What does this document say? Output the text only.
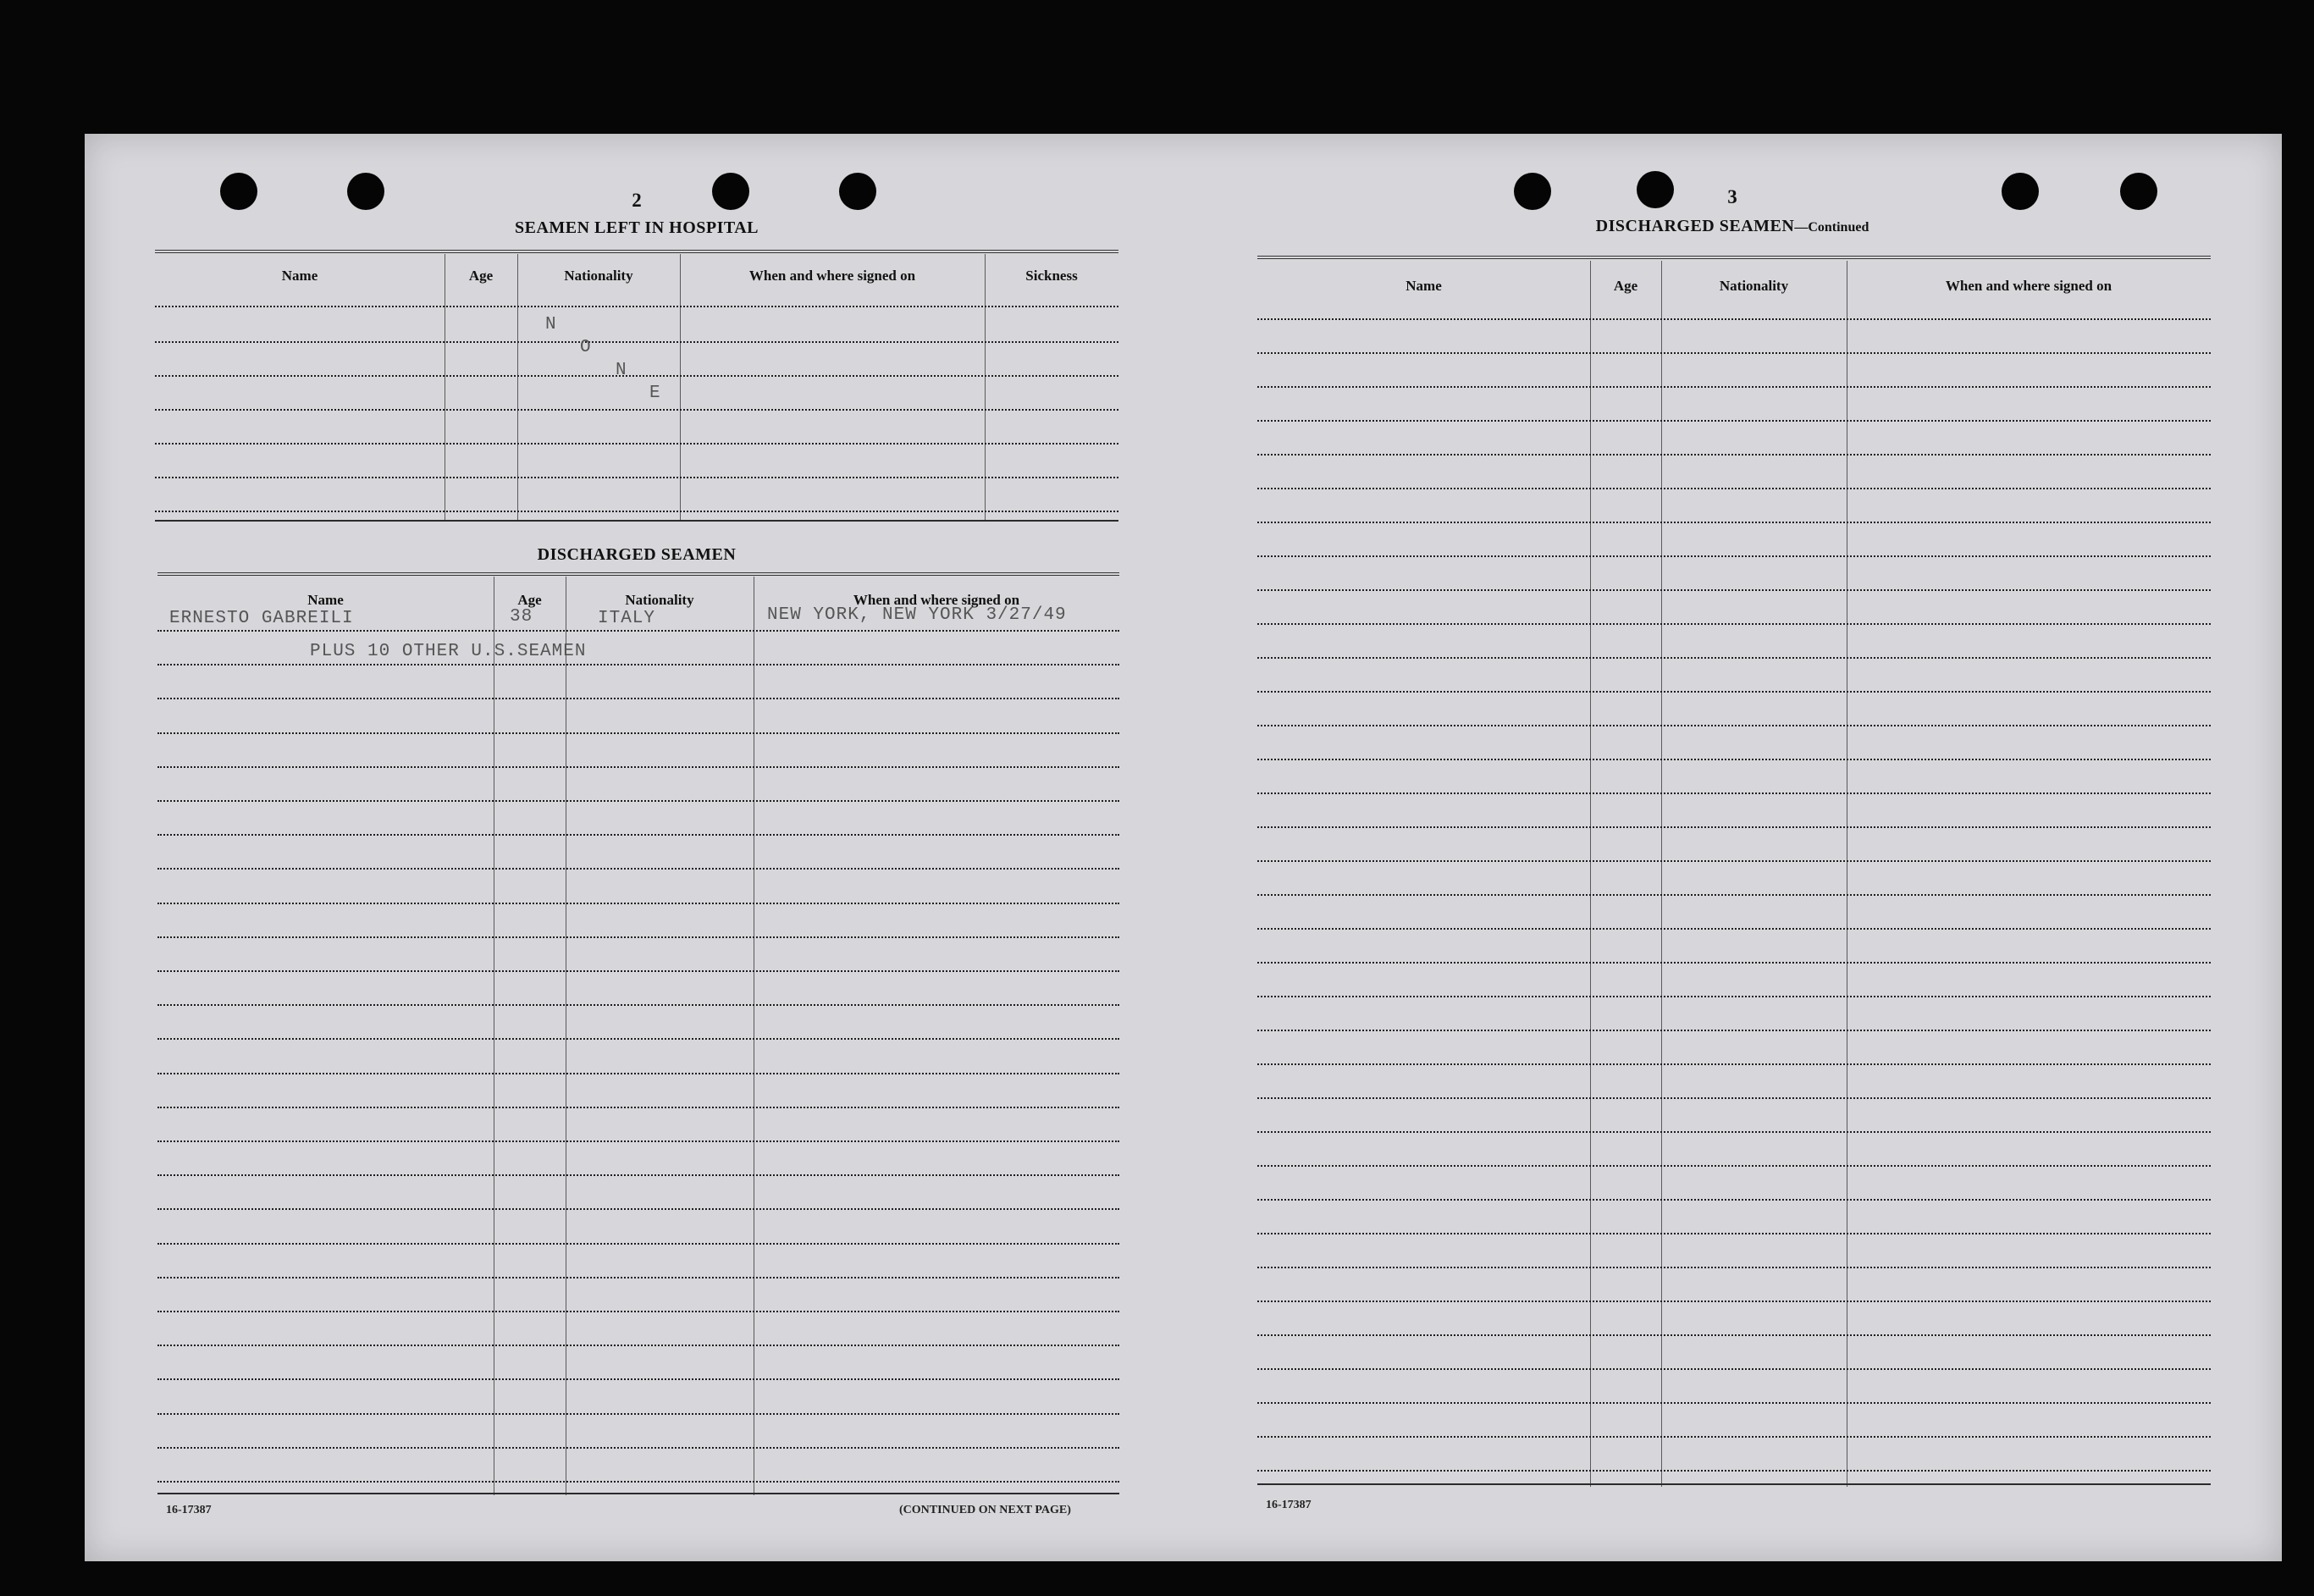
2
SEAMEN LEFT IN HOSPITAL
Name	Age	Nationality	When and where signed on	Sickness
N
O
N
E
DISCHARGED SEAMEN
Name	Age	Nationality	When and where signed on
ERNESTO GABREILI	38	ITALY	NEW YORK, NEW YORK 3/27/49
PLUS 10 OTHER U.S.SEAMEN
16-17387	(CONTINUED ON NEXT PAGE)
3
DISCHARGED SEAMEN—Continued
Name	Age	Nationality	When and where signed on
16-17387
